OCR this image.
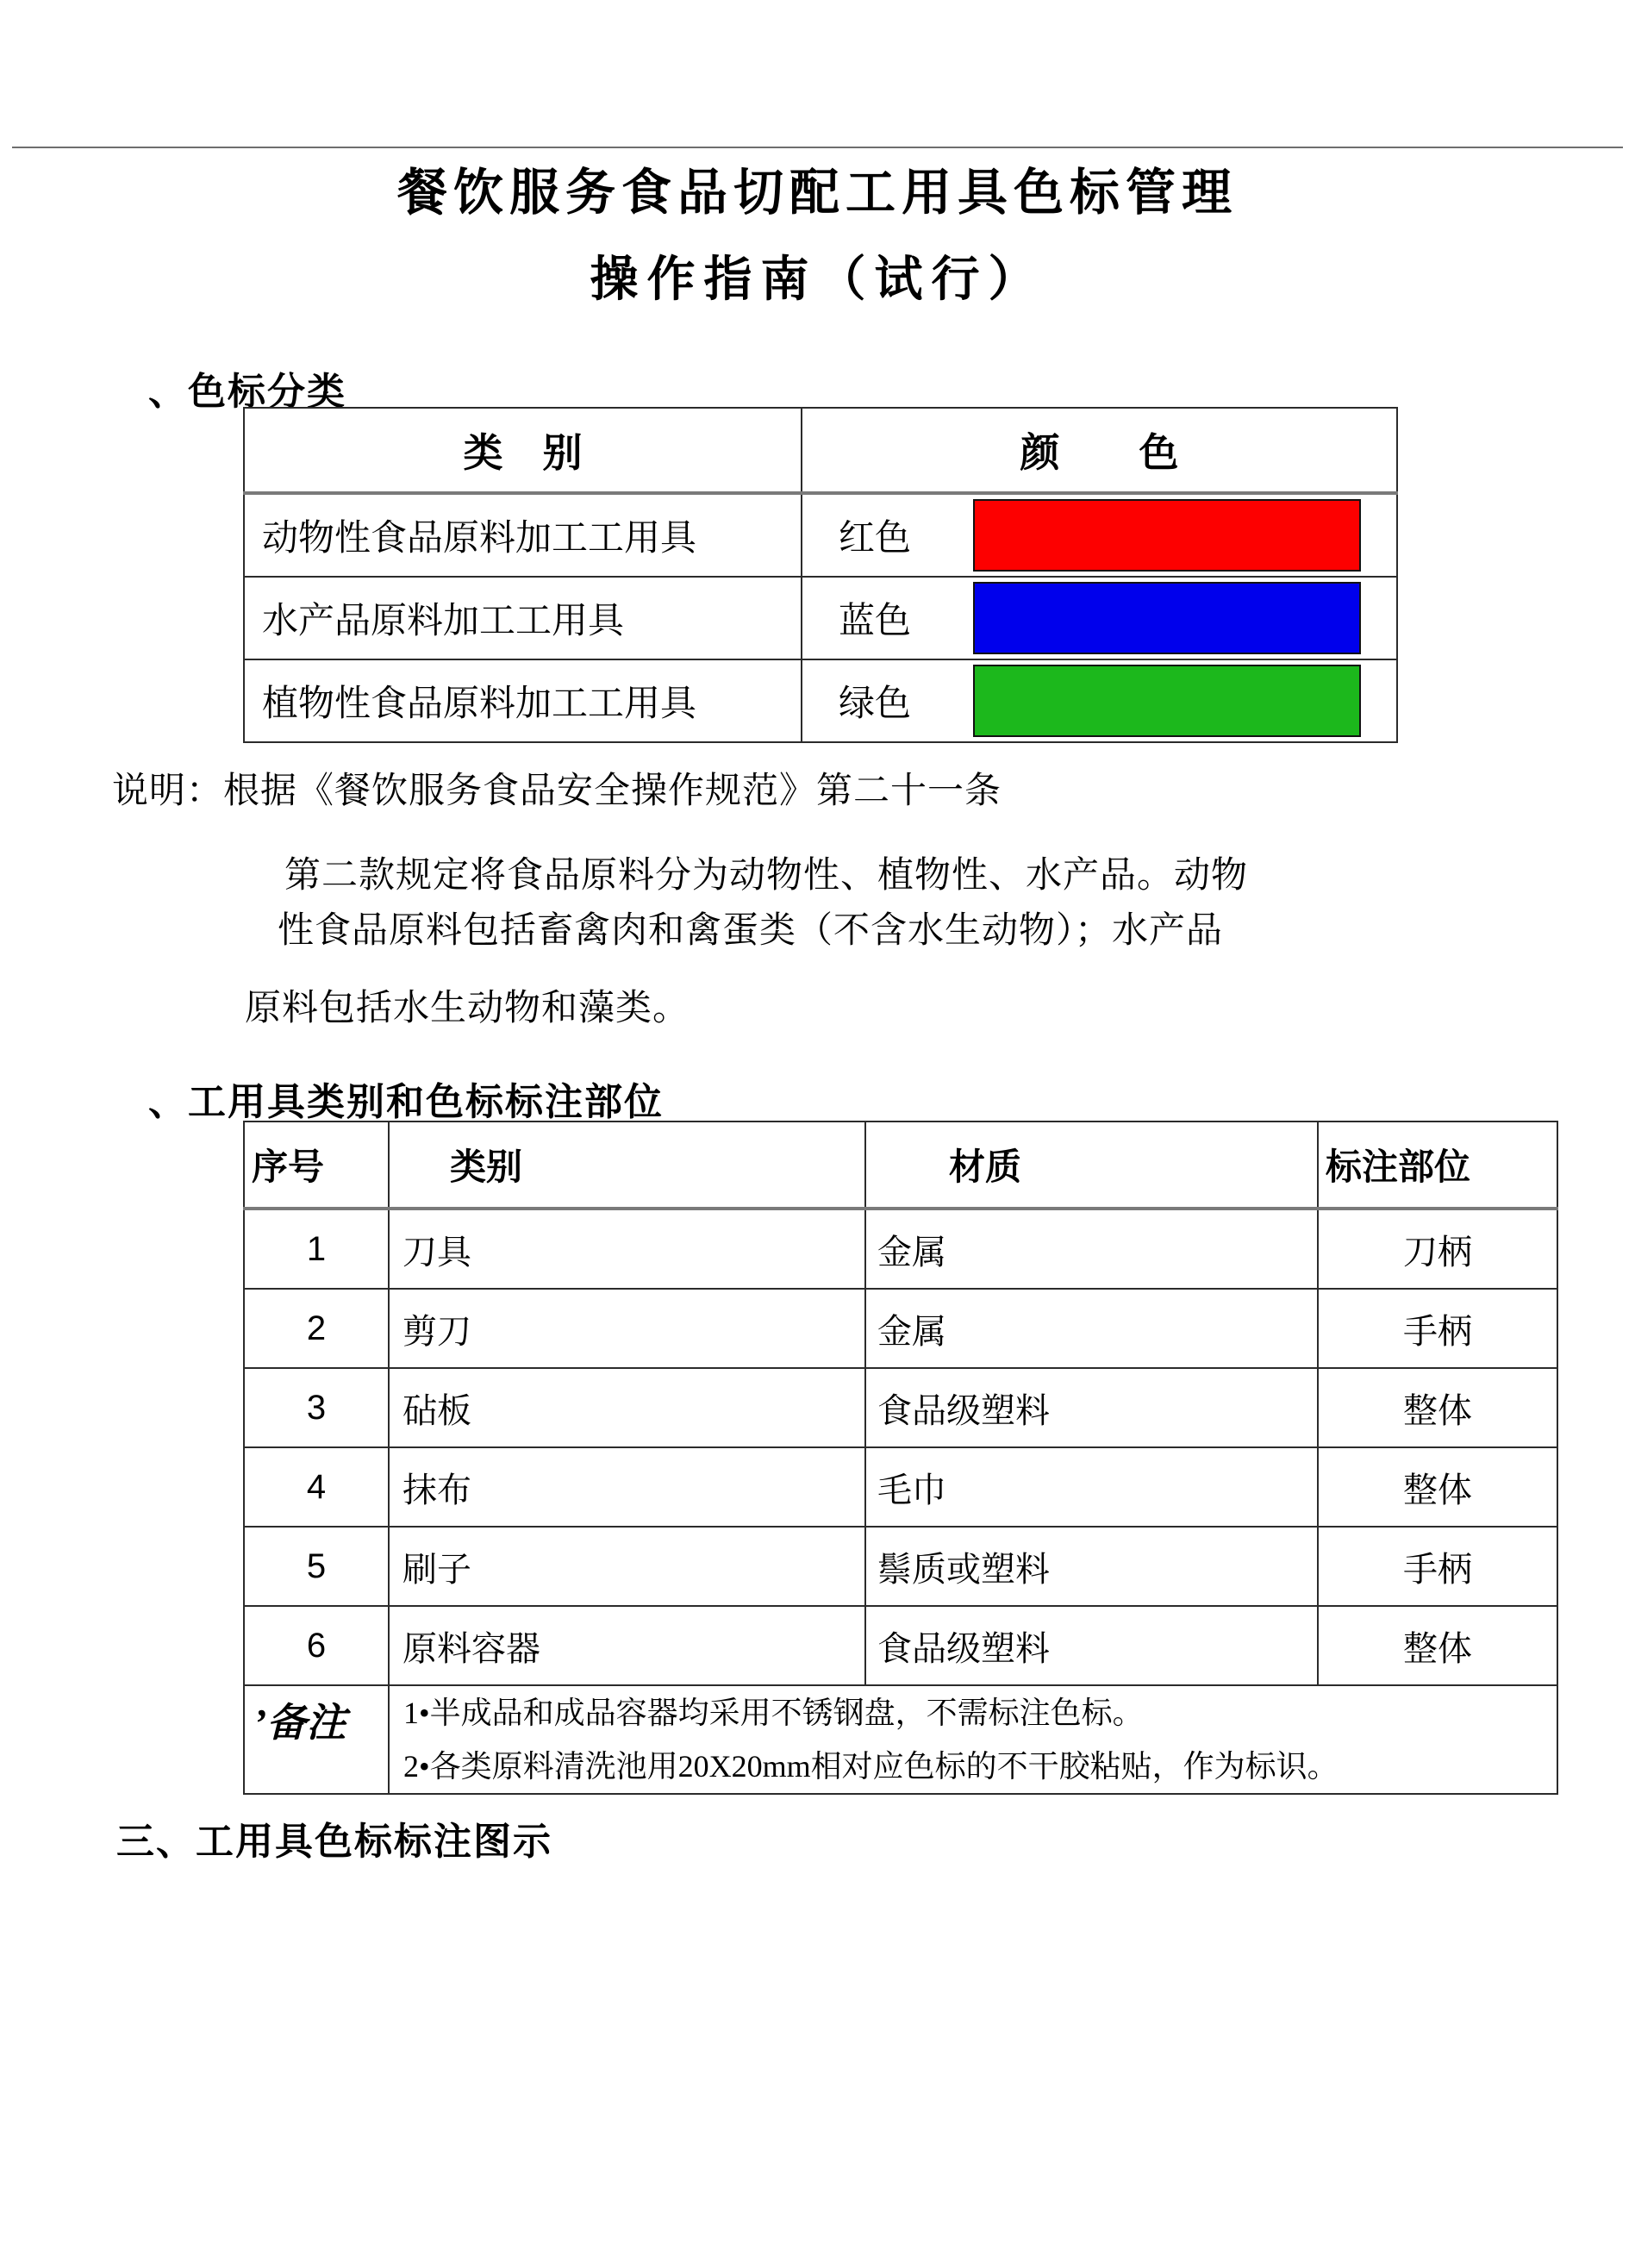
餐饮服务食品切配工用具色标管理
操作指南（试行）
、色标分类
类　别	颜　　色
动物性食品原料加工工用具	红色

水产品原料加工工用具	蓝色

植物性食品原料加工工用具	绿色
说明：根据《餐饮服务食品安全操作规范》第二十一条
第二款规定将食品原料分为动物性、植物性、水产品。动物
性食品原料包括畜禽肉和禽蛋类（不含水生动物）；水产品
原料包括水生动物和藻类。
、工用具类别和色标标注部位
序号	类别	材质	标注部位
1	刀具	金属	刀柄
2	剪刀	金属	手柄
3	砧板	食品级塑料	整体
4	抹布	毛巾	整体
5	刷子	鬃质或塑料	手柄
6	原料容器	食品级塑料	整体
’备注	1•半成品和成品容器均采用不锈钢盘，不需标注色标。
2•各类原料清洗池用20X20mm相对应色标的不干胶粘贴，作为标识。		
三、工用具色标标注图示
